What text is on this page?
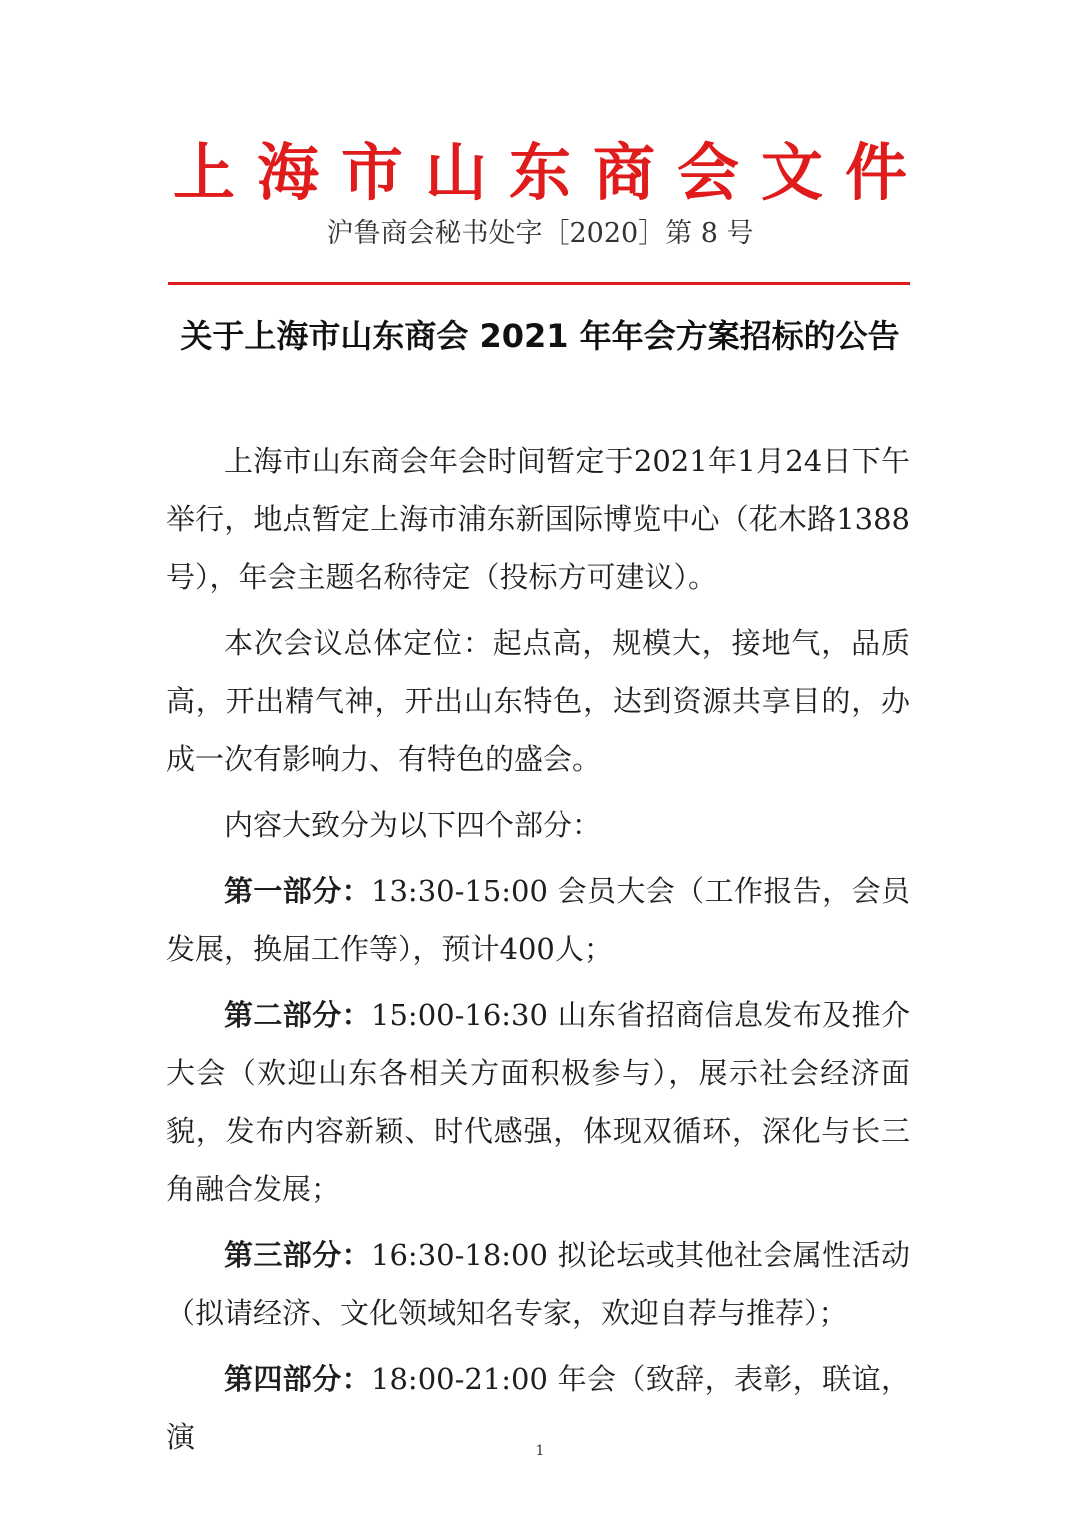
上海市山东商会文件
沪鲁商会秘书处字［2020］第 8 号
关于上海市山东商会 2021 年年会方案招标的公告

上海市山东商会年会时间暂定于2021年1月24日下午举行，地点暂定上海市浦东新国际博览中心（花木路1388号），年会主题名称待定（投标方可建议）。

本次会议总体定位：起点高，规模大，接地气，品质高，开出精气神，开出山东特色，达到资源共享目的，办成一次有影响力、有特色的盛会。

内容大致分为以下四个部分：

第一部分：13:30-15:00 会员大会（工作报告，会员发展，换届工作等），预计400人；

第二部分：15:00-16:30 山东省招商信息发布及推介大会（欢迎山东各相关方面积极参与），展示社会经济面貌，发布内容新颖、时代感强，体现双循环，深化与长三角融合发展；

第三部分：16:30-18:00 拟论坛或其他社会属性活动（拟请经济、文化领域知名专家，欢迎自荐与推荐）；

第四部分：18:00-21:00 年会（致辞，表彰，联谊，演	1
